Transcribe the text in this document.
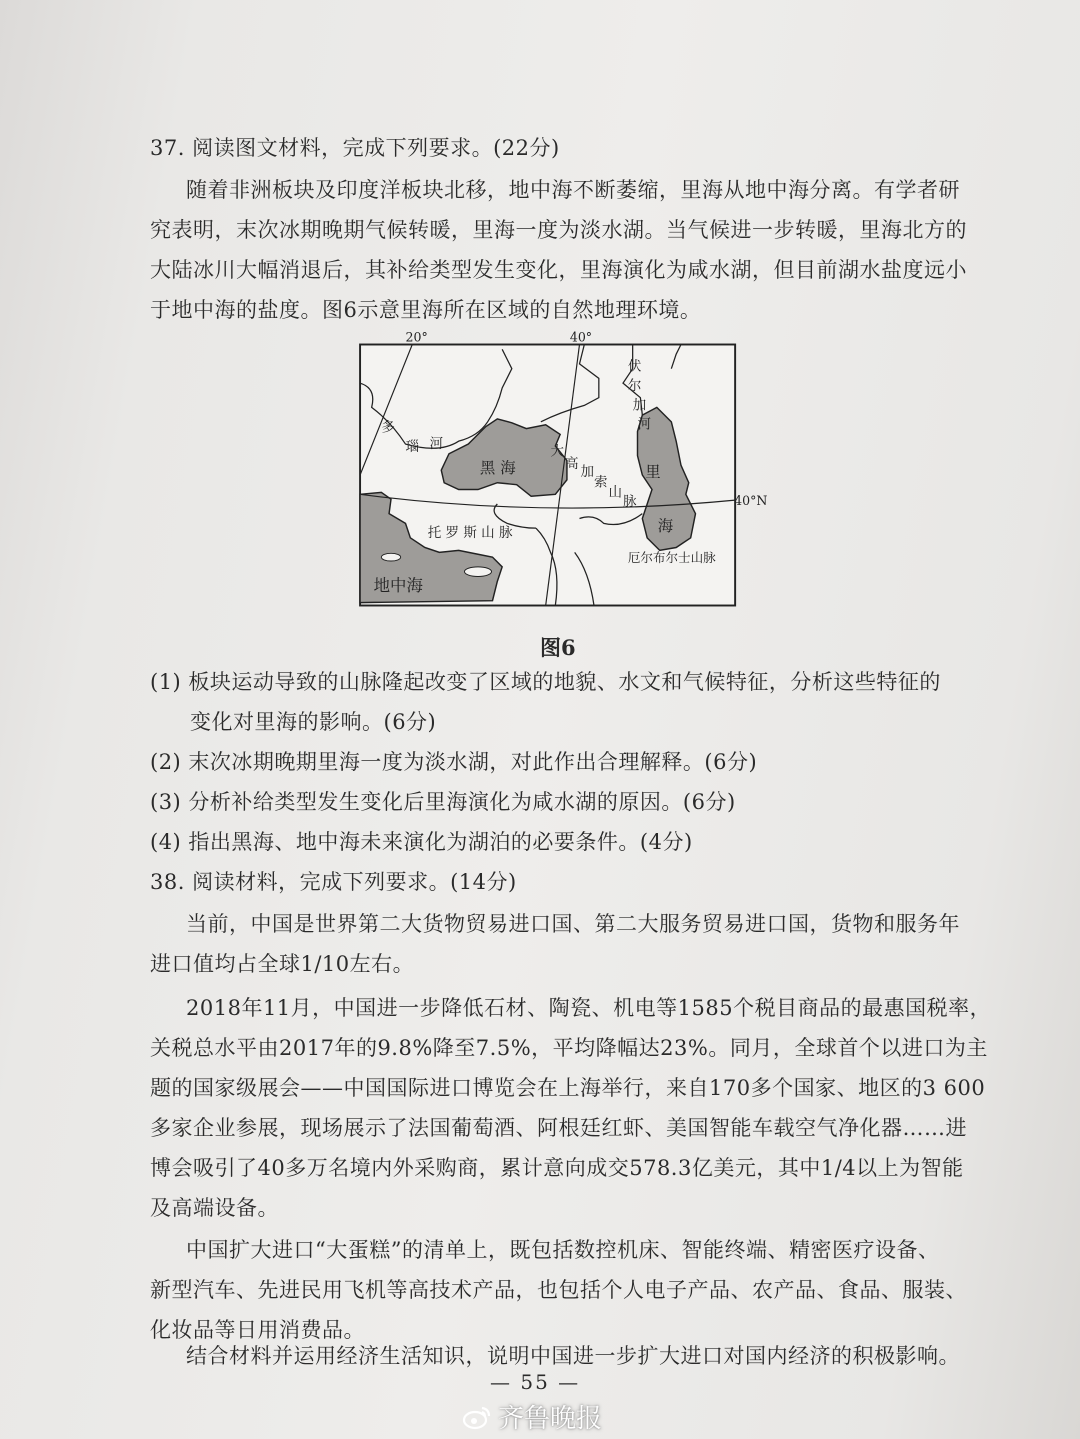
37. 阅读图文材料，完成下列要求。(22分)
随着非洲板块及印度洋板块北移，地中海不断萎缩，里海从地中海分离。有学者研
究表明，末次冰期晚期气候转暖，里海一度为淡水湖。当气候进一步转暖，里海北方的
大陆冰川大幅消退后，其补给类型发生变化，里海演化为咸水湖，但目前湖水盐度远小
于地中海的盐度。图6示意里海所在区域的自然地理环境。
20°	40°
40°N
多
瑙 河
伏
尔
加
河
黑 海
大
高 加
索
山
脉
里
海
托 罗 斯 山 脉
厄尔布尔士山脉
地中海
图6
(1) 板块运动导致的山脉隆起改变了区域的地貌、水文和气候特征，分析这些特征的
变化对里海的影响。(6分)
(2) 末次冰期晚期里海一度为淡水湖，对此作出合理解释。(6分)
(3) 分析补给类型发生变化后里海演化为咸水湖的原因。(6分)
(4) 指出黑海、地中海未来演化为湖泊的必要条件。(4分)
38. 阅读材料，完成下列要求。(14分)
当前，中国是世界第二大货物贸易进口国、第二大服务贸易进口国，货物和服务年
进口值均占全球1/10左右。
2018年11月，中国进一步降低石材、陶瓷、机电等1585个税目商品的最惠国税率，
关税总水平由2017年的9.8%降至7.5%，平均降幅达23%。同月，全球首个以进口为主
题的国家级展会——中国国际进口博览会在上海举行，来自170多个国家、地区的3 600
多家企业参展，现场展示了法国葡萄酒、阿根廷红虾、美国智能车载空气净化器……进
博会吸引了40多万名境内外采购商，累计意向成交578.3亿美元，其中1/4以上为智能
及高端设备。
中国扩大进口“大蛋糕”的清单上，既包括数控机床、智能终端、精密医疗设备、
新型汽车、先进民用飞机等高技术产品，也包括个人电子产品、农产品、食品、服装、
化妆品等日用消费品。
结合材料并运用经济生活知识，说明中国进一步扩大进口对国内经济的积极影响。
— 55 —
齐鲁晚报
